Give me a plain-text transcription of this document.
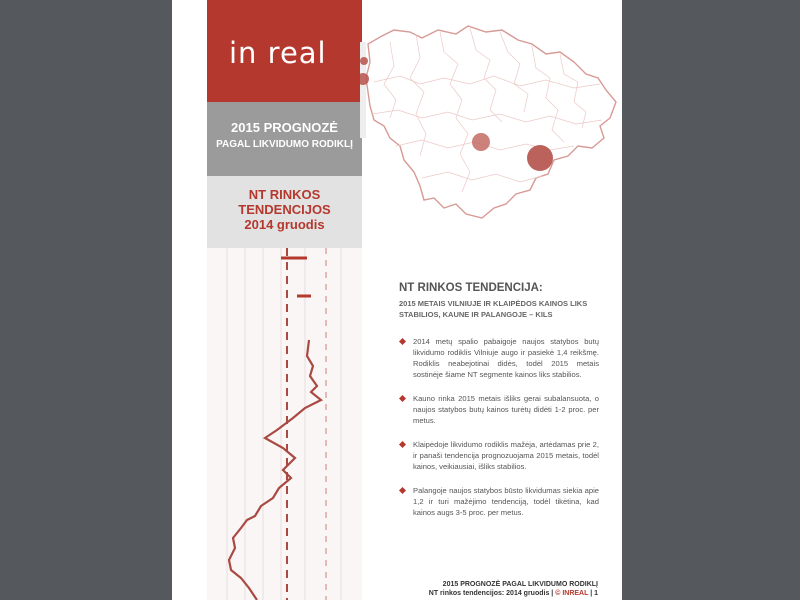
in real
2015 PROGNOZĖ
PAGAL LIKVIDUMO RODIKLĮ
NT RINKOS
TENDENCIJOS
2014 gruodis
NT RINKOS TENDENCIJA:
2015 METAIS VILNIUJE IR KLAIPĖDOS KAINOS LIKS STABILIOS, KAUNE IR PALANGOJE – KILS
2014 metų spalio pabaigoje naujos statybos butų likvidumo rodiklis Vilniuje augo ir pasiekė 1,4 reikšmę. Rodiklis neabejotinai didės, todėl 2015 metais sostinėje šiame NT segmente kainos liks stabilios.
Kauno rinka 2015 metais išliks gerai subalansuota, o naujos statybos butų kainos turėtų didėti 1-2 proc. per metus.
Klaipėdoje likvidumo rodiklis mažėja, artėdamas prie 2, ir panaši tendencija prognozuojama 2015 metais, todėl kainos, veikiausiai, išliks stabilios.
Palangoje naujos statybos būsto likvidumas siekia apie 1,2 ir turi mažėjimo tendenciją, todėl tikėtina, kad kainos augs 3-5 proc. per metus.
2015 PROGNOZĖ PAGAL LIKVIDUMO RODIKLĮ
NT rinkos tendencijos: 2014 gruodis | © INREAL | 1
